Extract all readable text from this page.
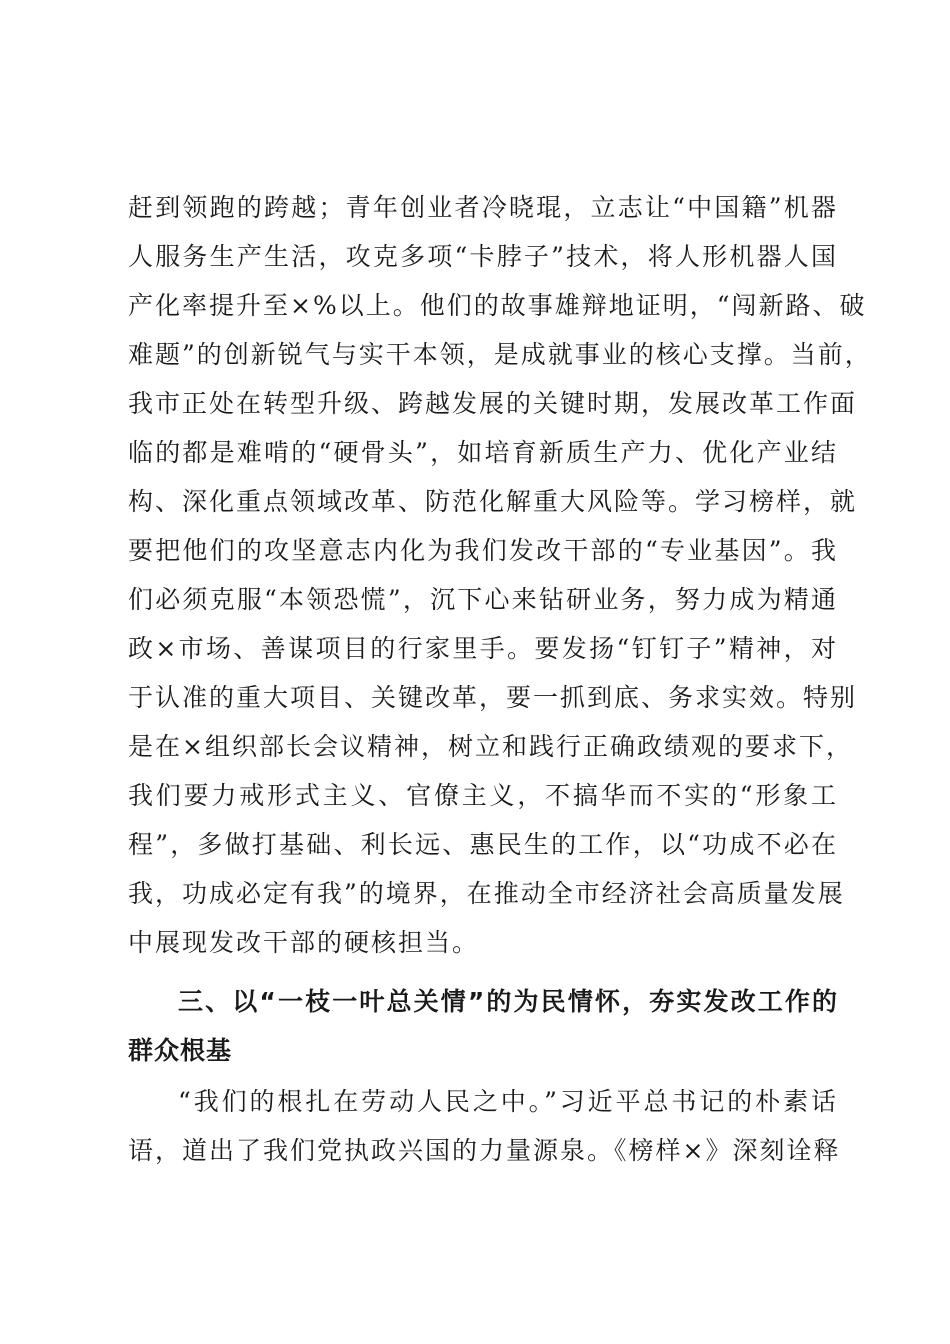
赶到领跑的跨越；青年创业者冷晓琨，立志让“中国籍”机器
人服务生产生活，攻克多项“卡脖子”技术，将人形机器人国
产化率提升至×%以上。他们的故事雄辩地证明，“闯新路、破
难题”的创新锐气与实干本领，是成就事业的核心支撑。当前，
我市正处在转型升级、跨越发展的关键时期，发展改革工作面
临的都是难啃的“硬骨头”，如培育新质生产力、优化产业结
构、深化重点领域改革、防范化解重大风险等。学习榜样，就
要把他们的攻坚意志内化为我们发改干部的“专业基因”。我
们必须克服“本领恐慌”，沉下心来钻研业务，努力成为精通
政×市场、善谋项目的行家里手。要发扬“钉钉子”精神，对
于认准的重大项目、关键改革，要一抓到底、务求实效。特别
是在×组织部长会议精神，树立和践行正确政绩观的要求下，
我们要力戒形式主义、官僚主义，不搞华而不实的“形象工
程”，多做打基础、利长远、惠民生的工作，以“功成不必在
我，功成必定有我”的境界，在推动全市经济社会高质量发展
中展现发改干部的硬核担当。
三、以“一枝一叶总关情”的为民情怀，夯实发改工作的
群众根基
“我们的根扎在劳动人民之中。”习近平总书记的朴素话
语，道出了我们党执政兴国的力量源泉。《榜样×》深刻诠释
